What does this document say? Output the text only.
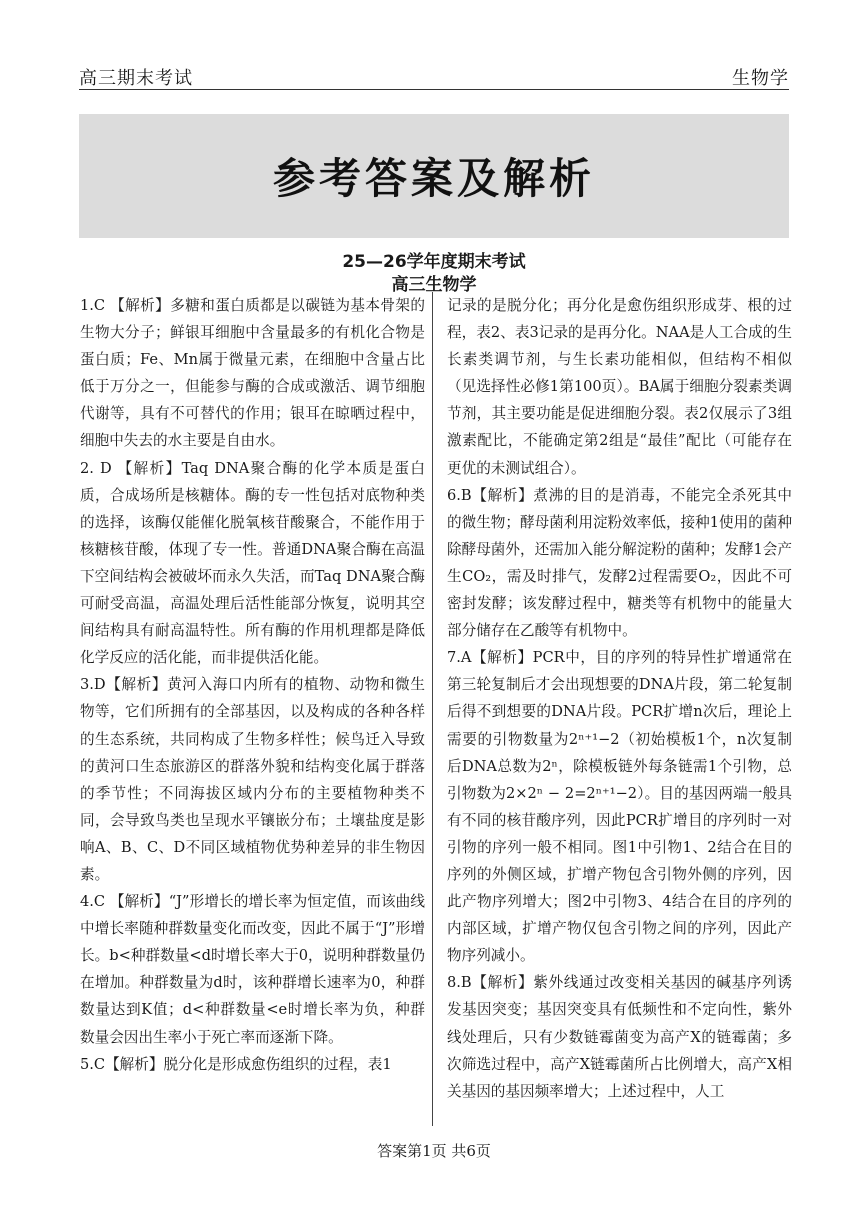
高三期末考试	生物学
参考答案及解析
25—26学年度期末考试
高三生物学

1.C 【解析】多糖和蛋白质都是以碳链为基本骨架的生物大分子；鲜银耳细胞中含量最多的有机化合物是蛋白质；Fe、Mn属于微量元素，在细胞中含量占比低于万分之一，但能参与酶的合成或激活、调节细胞代谢等，具有不可替代的作用；银耳在晾晒过程中，细胞中失去的水主要是自由水。

2. D 【解析】Taq DNA聚合酶的化学本质是蛋白质，合成场所是核糖体。酶的专一性包括对底物种类的选择，该酶仅能催化脱氧核苷酸聚合，不能作用于核糖核苷酸，体现了专一性。普通DNA聚合酶在高温下空间结构会被破坏而永久失活，而Taq DNA聚合酶可耐受高温，高温处理后活性能部分恢复，说明其空间结构具有耐高温特性。所有酶的作用机理都是降低化学反应的活化能，而非提供活化能。

3.D【解析】黄河入海口内所有的植物、动物和微生物等，它们所拥有的全部基因，以及构成的各种各样的生态系统，共同构成了生物多样性；候鸟迁入导致的黄河口生态旅游区的群落外貌和结构变化属于群落的季节性；不同海拔区域内分布的主要植物种类不同，会导致鸟类也呈现水平镶嵌分布；土壤盐度是影响A、B、C、D不同区域植物优势种差异的非生物因素。

4.C 【解析】“J”形增长的增长率为恒定值，而该曲线中增长率随种群数量变化而改变，因此不属于“J”形增长。b<种群数量<d时增长率大于0，说明种群数量仍在增加。种群数量为d时，该种群增长速率为0，种群数量达到K值；d<种群数量<e时增长率为负，种群数量会因出生率小于死亡率而逐渐下降。

5.C【解析】脱分化是形成愈伤组织的过程，表1

记录的是脱分化；再分化是愈伤组织形成芽、根的过程，表2、表3记录的是再分化。NAA是人工合成的生长素类调节剂，与生长素功能相似，但结构不相似（见选择性必修1第100页）。BA属于细胞分裂素类调节剂，其主要功能是促进细胞分裂。表2仅展示了3组激素配比，不能确定第2组是“最佳”配比（可能存在更优的未测试组合）。

6.B【解析】煮沸的目的是消毒，不能完全杀死其中的微生物；酵母菌利用淀粉效率低，接种1使用的菌种除酵母菌外，还需加入能分解淀粉的菌种；发酵1会产生CO₂，需及时排气，发酵2过程需要O₂，因此不可密封发酵；该发酵过程中，糖类等有机物中的能量大部分储存在乙酸等有机物中。

7.A【解析】PCR中，目的序列的特异性扩增通常在第三轮复制后才会出现想要的DNA片段，第二轮复制后得不到想要的DNA片段。PCR扩增n次后，理论上需要的引物数量为2ⁿ⁺¹−2（初始模板1个，n次复制后DNA总数为2ⁿ，除模板链外每条链需1个引物，总引物数为2×2ⁿ − 2=2ⁿ⁺¹−2）。目的基因两端一般具有不同的核苷酸序列，因此PCR扩增目的序列时一对引物的序列一般不相同。图1中引物1、2结合在目的序列的外侧区域，扩增产物包含引物外侧的序列，因此产物序列增大；图2中引物3、4结合在目的序列的内部区域，扩增产物仅包含引物之间的序列，因此产物序列减小。

8.B【解析】紫外线通过改变相关基因的碱基序列诱发基因突变；基因突变具有低频性和不定向性，紫外线处理后，只有少数链霉菌变为高产X的链霉菌；多次筛选过程中，高产X链霉菌所占比例增大，高产X相关基因的基因频率增大；上述过程中，人工

答案第1页 共6页
